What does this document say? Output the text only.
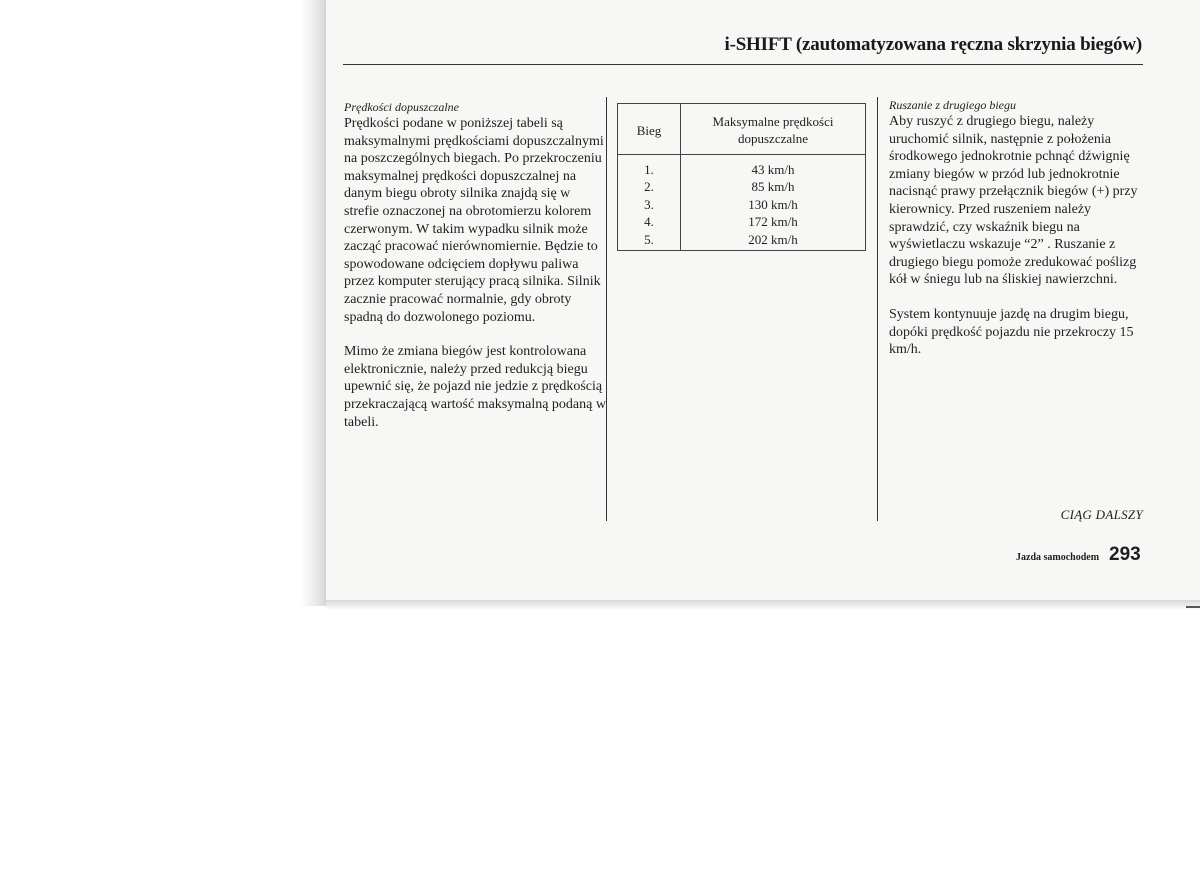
i-SHIFT (zautomatyzowana ręczna skrzynia biegów)

Prędkości dopuszczalne

Prędkości podane w poniższej tabeli są maksymalnymi prędkościami dopuszczalnymi na poszczególnych biegach. Po przekroczeniu maksymalnej prędkości dopuszczalnej na danym biegu obroty silnika znajdą się w strefie oznaczonej na obrotomierzu kolorem czerwonym. W takim wypadku silnik może zacząć pracować nierównomiernie. Będzie to spowodowane odcięciem dopływu paliwa przez komputer sterujący pracą silnika. Silnik zacznie pracować normalnie, gdy obroty spadną do dozwolonego poziomu.

Mimo że zmiana biegów jest kontrolowana elektronicznie, należy przed redukcją biegu upewnić się, że pojazd nie jedzie z prędkością przekraczającą wartość maksymalną podaną w tabeli.

Bieg	Maksymalne prędkości dopuszczalne
1.	43 km/h
2.	85 km/h
3.	130 km/h
4.	172 km/h
5.	202 km/h

Ruszanie z drugiego biegu

Aby ruszyć z drugiego biegu, należy uruchomić silnik, następnie z położenia środkowego jednokrotnie pchnąć dźwignię zmiany biegów w przód lub jednokrotnie nacisnąć prawy przełącznik biegów (+) przy kierownicy. Przed ruszeniem należy sprawdzić, czy wskaźnik biegu na wyświetlaczu wskazuje “2” . Ruszanie z drugiego biegu pomoże zredukować poślizg kół w śniegu lub na śliskiej nawierzchni.

System kontynuuje jazdę na drugim biegu, dopóki prędkość pojazdu nie przekroczy 15 km/h.

CIĄG DALSZY
Jazda samochodem 293
